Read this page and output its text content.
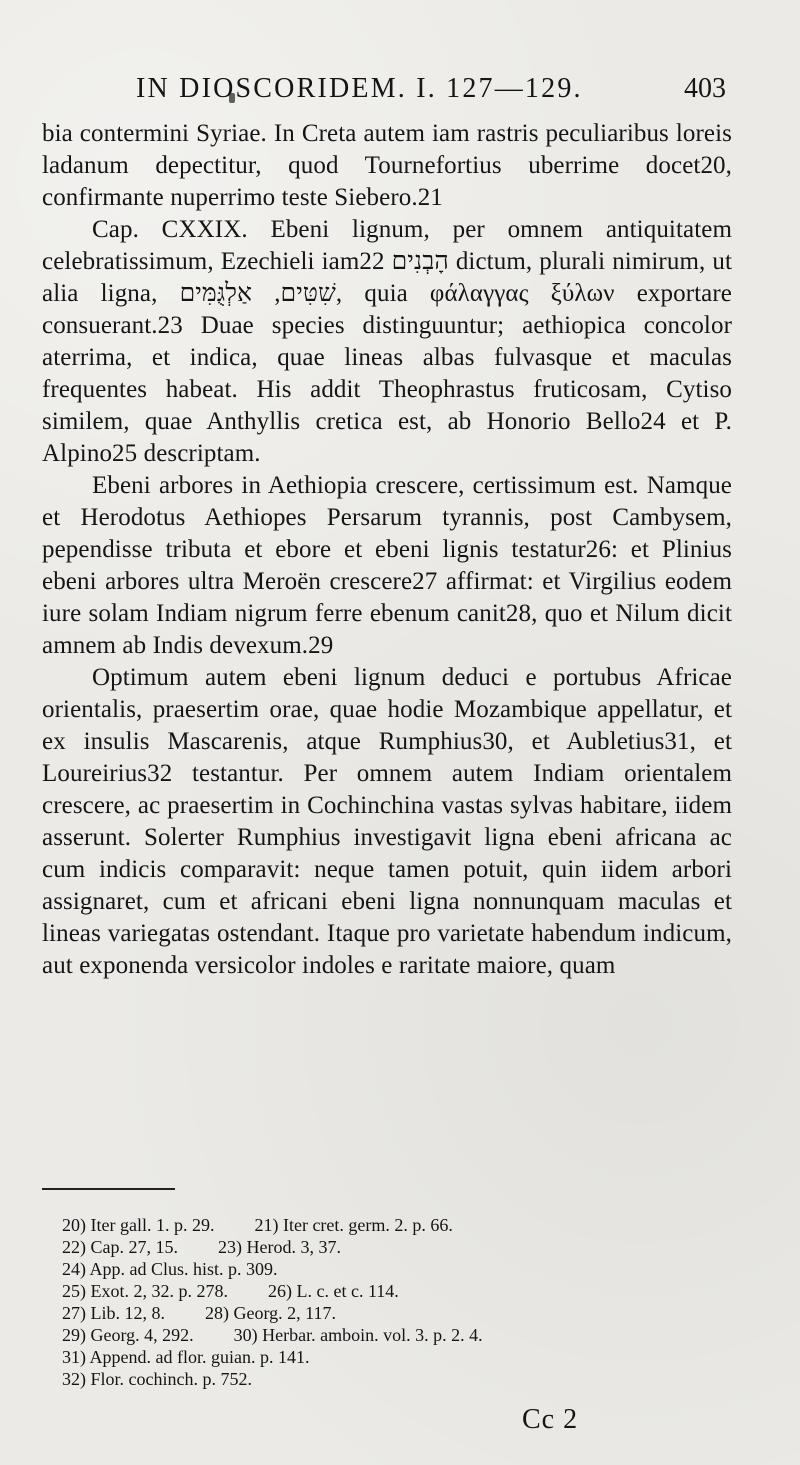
IN DIOSCORIDEM. I. 127—129.	403

bia contermini Syriae. In Creta autem iam rastris peculiaribus loreis ladanum depectitur, quod Tournefortius uberrime docet20, confirmante nuperrimo teste Siebero.21

Cap. CXXIX. Ebeni lignum, per omnem antiquitatem celebratissimum, Ezechieli iam22 הָבְנִים dictum, plurali nimirum, ut alia ligna, שִׁטִּים, אַלְגֻּמִּים, quia φάλαγγας ξύλων exportare consuerant.23 Duae species distinguuntur; aethiopica concolor aterrima, et indica, quae lineas albas fulvasque et maculas frequentes habeat. His addit Theophrastus fruticosam, Cytiso similem, quae Anthyllis cretica est, ab Honorio Bello24 et P. Alpino25 descriptam.

Ebeni arbores in Aethiopia crescere, certissimum est. Namque et Herodotus Aethiopes Persarum tyrannis, post Cambysem, pependisse tributa et ebore et ebeni lignis testatur26: et Plinius ebeni arbores ultra Meroën crescere27 affirmat: et Virgilius eodem iure solam Indiam nigrum ferre ebenum canit28, quo et Nilum dicit amnem ab Indis devexum.29

Optimum autem ebeni lignum deduci e portubus Africae orientalis, praesertim orae, quae hodie Mozambique appellatur, et ex insulis Mascarenis, atque Rumphius30, et Aubletius31, et Loureirius32 testantur. Per omnem autem Indiam orientalem crescere, ac praesertim in Cochinchina vastas sylvas habitare, iidem asserunt. Solerter Rumphius investigavit ligna ebeni africana ac cum indicis comparavit: neque tamen potuit, quin iidem arbori assignaret, cum et africani ebeni ligna nonnunquam maculas et lineas variegatas ostendant. Itaque pro varietate habendum indicum, aut exponenda versicolor indoles e raritate maiore, quam

20) Iter gall. 1. p. 29. 21) Iter cret. germ. 2. p. 66.
22) Cap. 27, 15. 23) Herod. 3, 37.
24) App. ad Clus. hist. p. 309.
25) Exot. 2, 32. p. 278. 26) L. c. et c. 114.
27) Lib. 12, 8. 28) Georg. 2, 117.
29) Georg. 4, 292. 30) Herbar. amboin. vol. 3. p. 2. 4.
31) Append. ad flor. guian. p. 141.
32) Flor. cochinch. p. 752.
Cc 2
